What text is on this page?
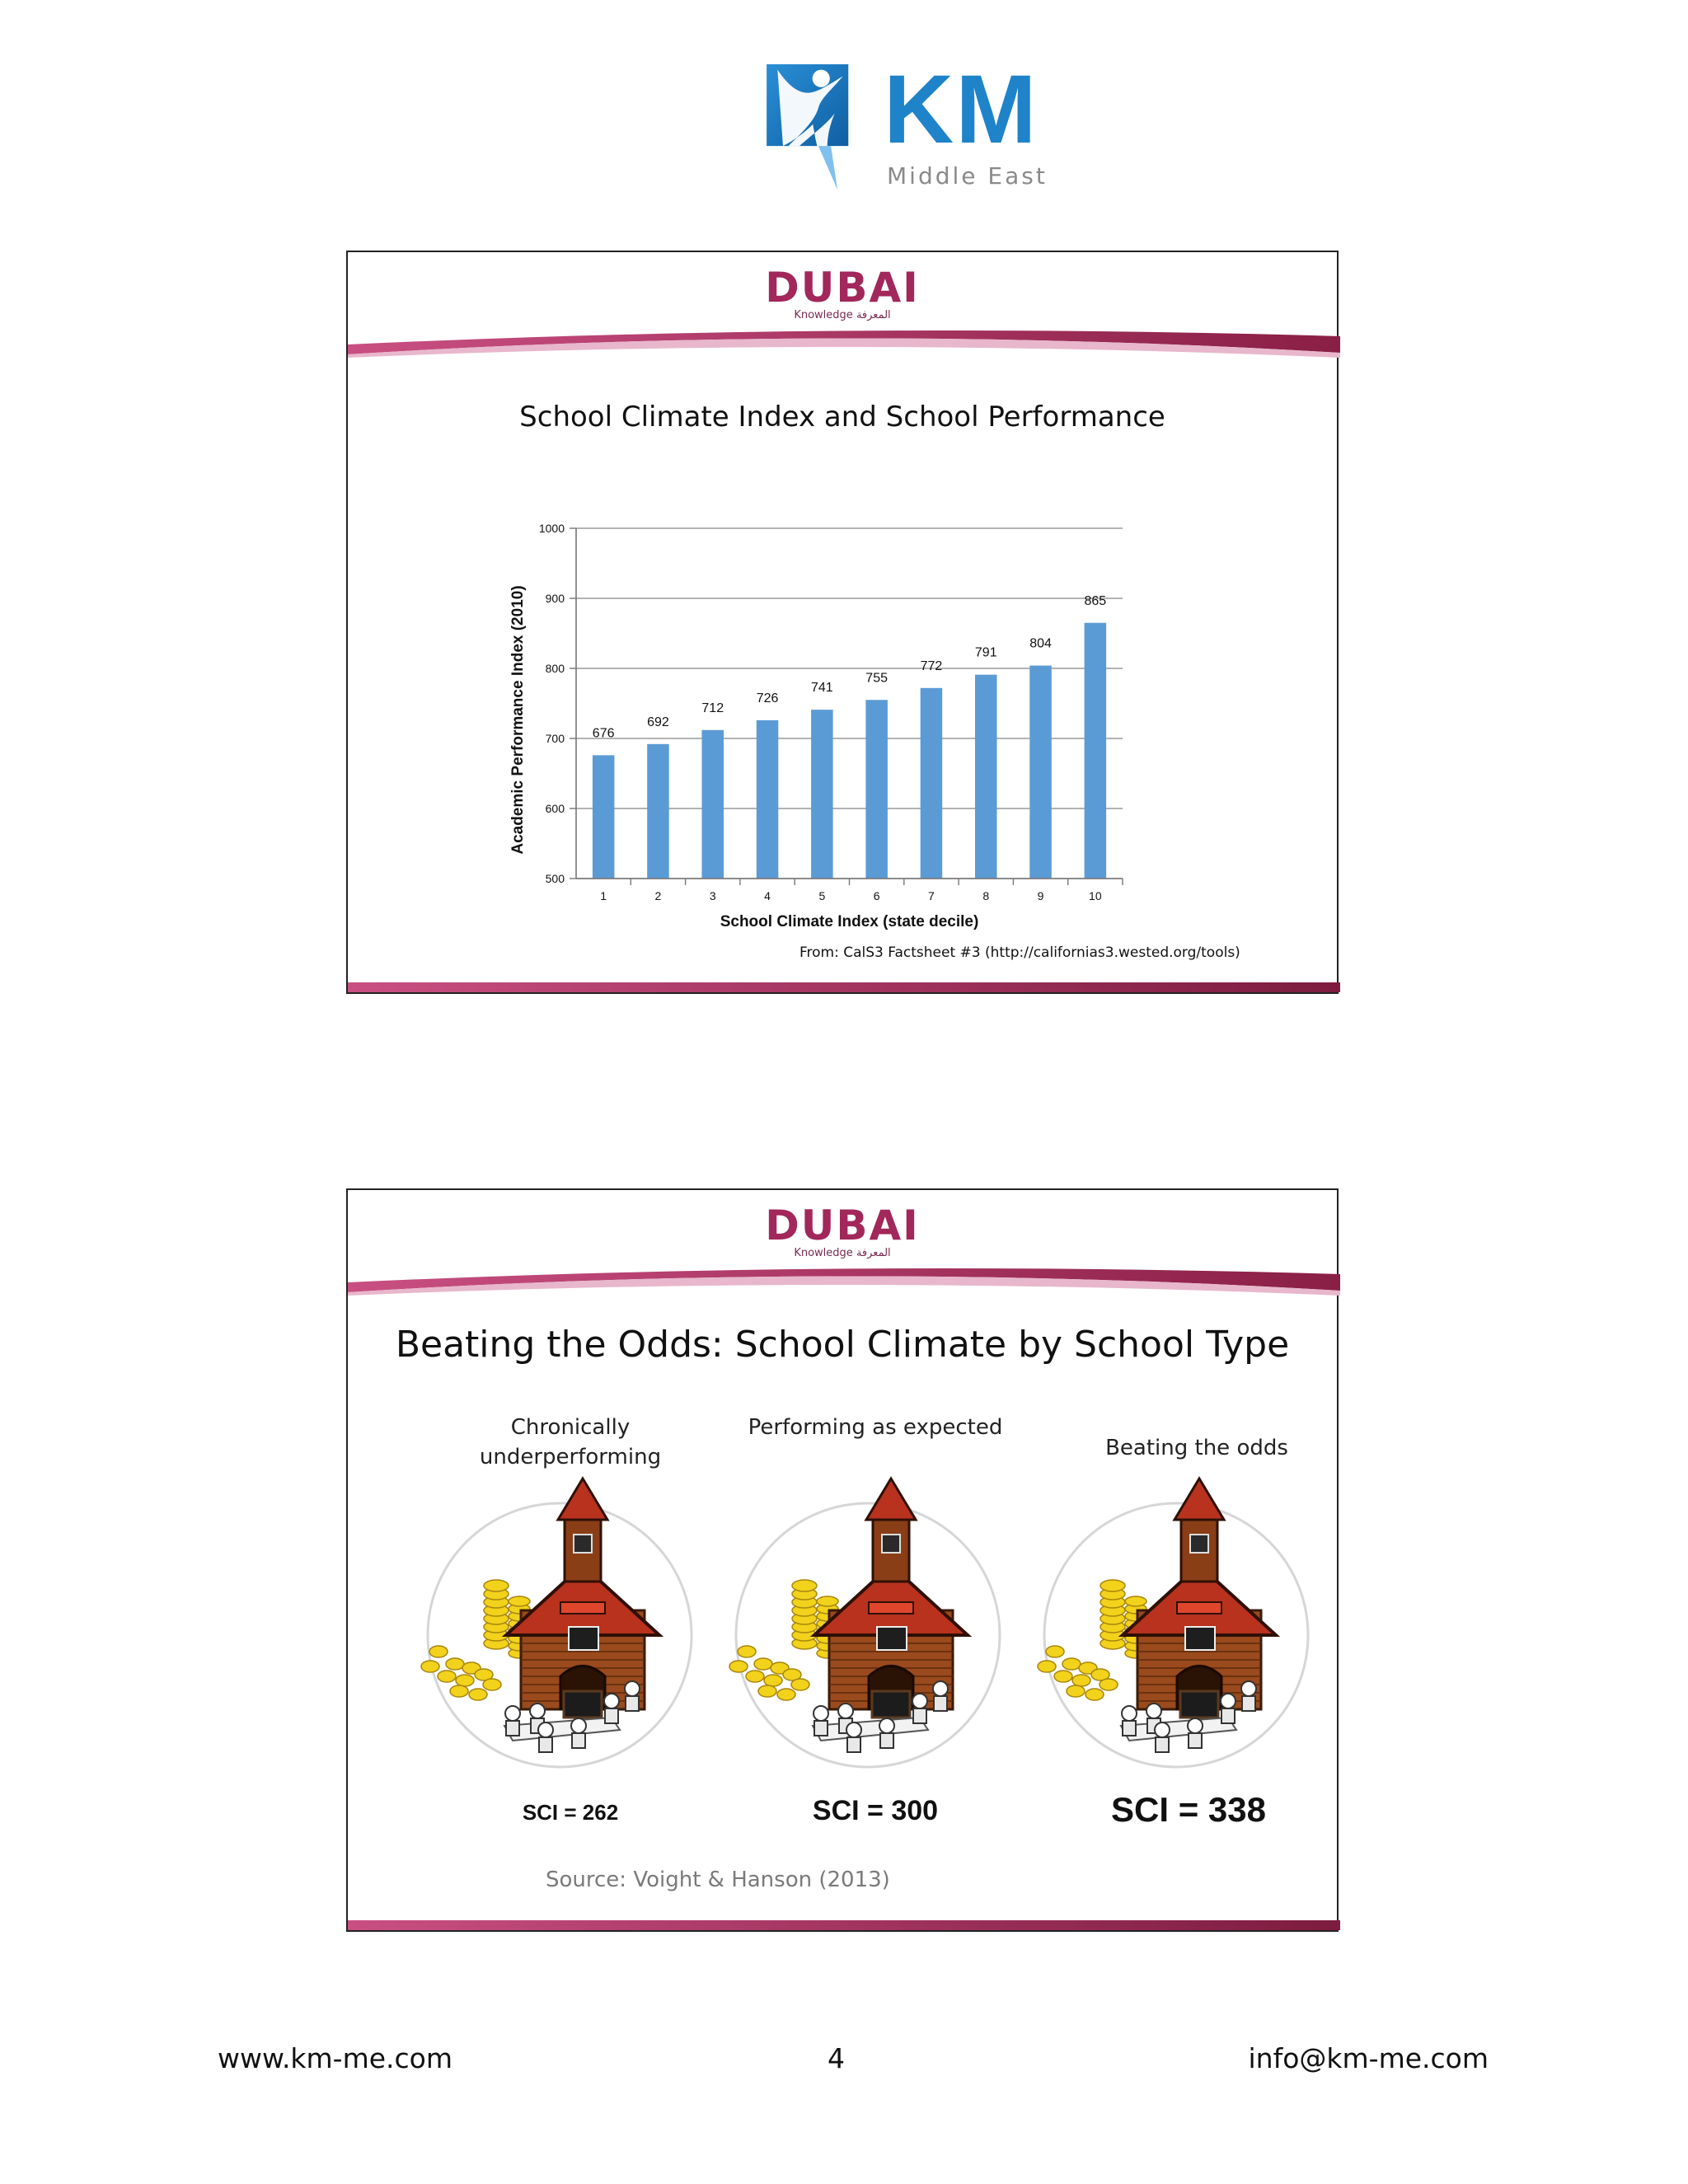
KM
Middle East
DUBAI
Knowledge المعرفة
School Climate Index and School Performance
500
600
700
800
900
1000
676
1
692
2
712
3
726
4
741
5
755
6
772
7
791
8
804
9
865
10
School Climate Index (state decile)
Academic Performance Index (2010)
From: CalS3 Factsheet #3 (http://californias3.wested.org/tools)
DUBAI
Knowledge المعرفة
Beating the Odds: School Climate by School Type
Chronically
underperforming
Performing as expected
Beating the odds
SCI = 262	SCI = 300	SCI = 338
Source: Voight & Hanson (2013)
www.km-me.com	4	info@km-me.com
